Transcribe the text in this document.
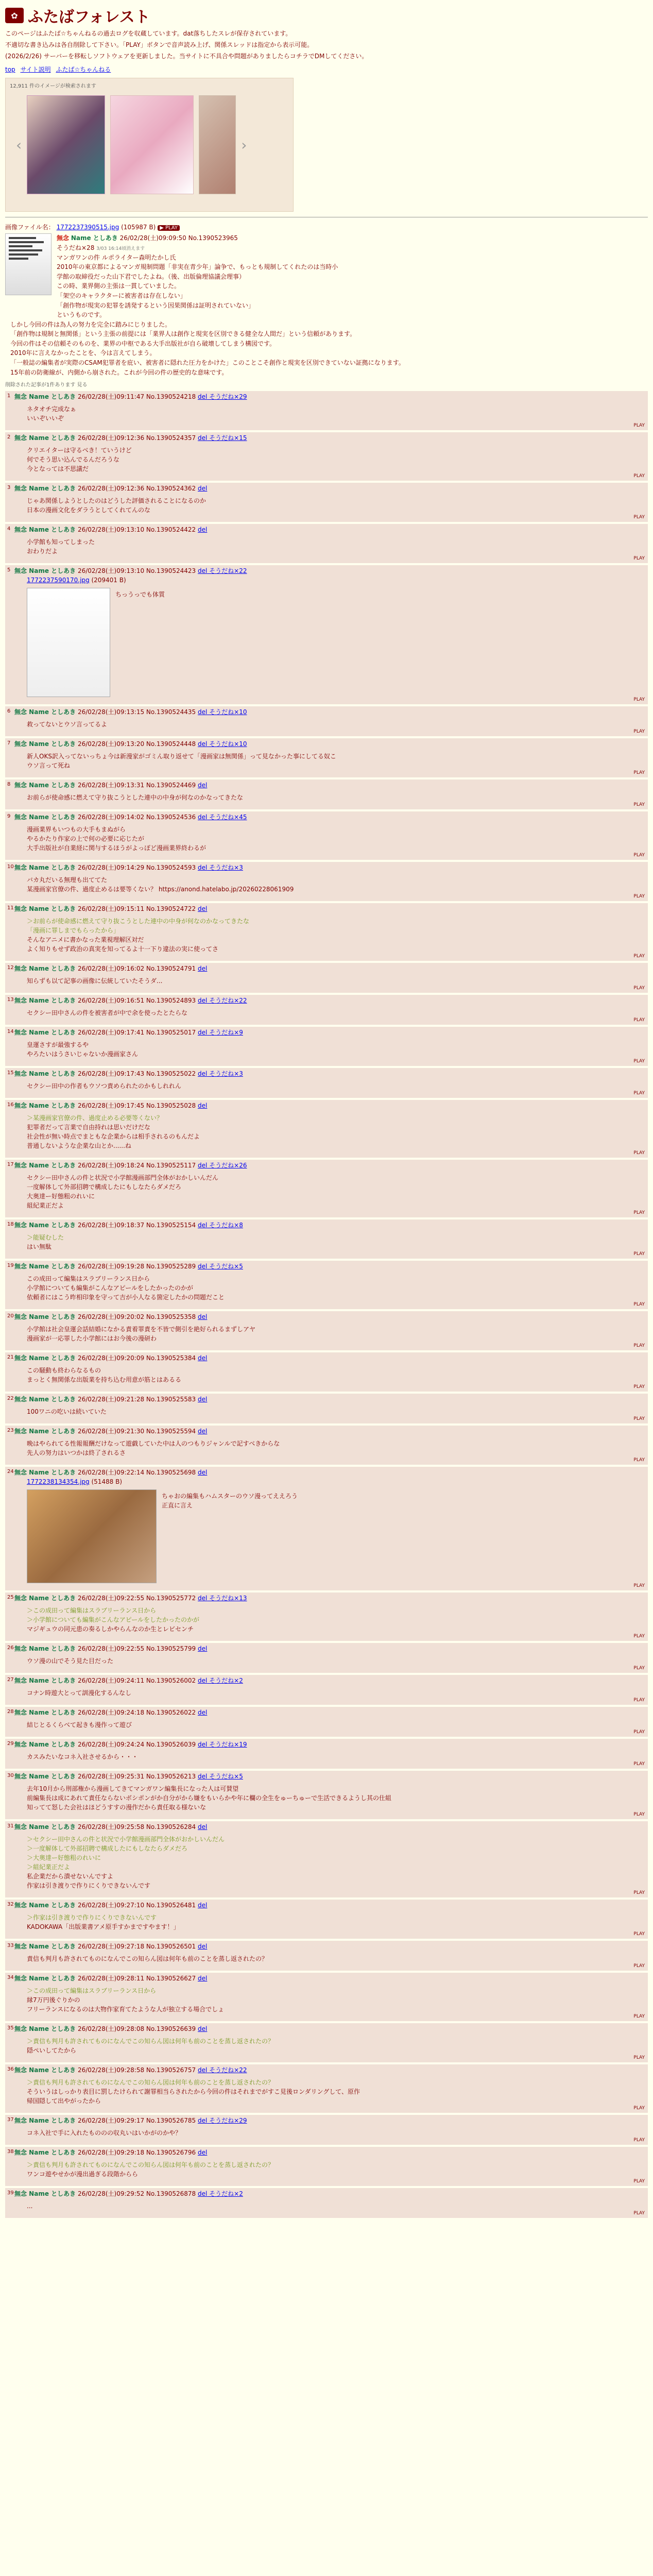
✿ ふたばフォレスト

このページはふたば☆ちゃんねるの過去ログを収蔵しています。dat落ちしたスレが保存されています。

不適切な書き込みは各自削除して下さい。「PLAY」ボタンで音声読み上げ、関係スレッドは指定から表示可能。

(2026/2/26) サーバーを移転しソフトウェアを更新しました。当サイトに不具合や問題がありましたらコチラでDMしてください。

top サイト説明 ふたば☆ちゃんねる
12,911 件のイメージが検索されます
‹	›
画像ファイル名： 1772237390515.jpg (105987 B) ▶ PLAY
無念 Name としあき 26/02/28(土)09:09:50 No.1390523965
そうだね×28 3/03 16:14頃消えます
マンガワンの件 ルポライター森明たかし氏
2010年の東京都によるマンガ規制問題「非実在青少年」論争で、もっとも規制してくれたのは当時小
学館の取締役だった山下君でしたよね。（後、出版倫理協議会理事）
この時、業界側の主張は一貫していました。
「架空のキャラクターに被害者は存在しない」
「創作物が現実の犯罪を誘発するという因果関係は証明されていない」
というものです。
しかし今回の件は為人の努力を完全に踏みにじりました。
「創作物は規制と無関係」という主張の前提には「業界人は創作と現実を区別できる健全な人間だ」という信頼があります。
今回の件はその信頼そのものを、業界の中枢である大手出版社が自ら破壊してしまう構図です。
2010年に言えなかったことを、今は言えてしまう。
「一般誌の編集者が実際のCSAM犯罪者を庇い、被害者に隠れた圧力をかけた」このことこそ創作と現実を区別できていない証拠になります。
15年前の防衛線が、内側から崩された。これが今回の件の歴史的な意味です。
削除された記事が1件あります 見る
1 無念 Name としあき 26/02/28(土)09:11:47 No.1390524218 del そうだね×29
ネタオチ完成なぁ
いいぞいいぞ
PLAY
2 無念 Name としあき 26/02/28(土)09:12:36 No.1390524357 del そうだね×15
クリエイターは守るべき！ていうけど
何でそう思い込んでるんだろうな
今となっては不思議だ
PLAY
3 無念 Name としあき 26/02/28(土)09:12:36 No.1390524362 del
じゃあ関係しようとしたのはどうした評価されることになるのか
日本の漫画文化をダラうとしてくれてんのな
PLAY
4 無念 Name としあき 26/02/28(土)09:13:10 No.1390524422 del
小学館も知ってしまった
おわりだよ
PLAY
5 無念 Name としあき 26/02/28(土)09:13:10 No.1390524423 del そうだね×22
1772237590170.jpg (209401 B)
ちっうっでも体質
PLAY
6 無念 Name としあき 26/02/28(土)09:13:15 No.1390524435 del そうだね×10
救ってないとウソ言ってるよ
PLAY
7 無念 Name としあき 26/02/28(土)09:13:20 No.1390524448 del そうだね×10
新人OKS訳入ってないっちょ今は新漫家がゴミん取り返せて「漫画家は無関係」って見なかった事にしてる奴こ
ウソ言って死ね
PLAY
8 無念 Name としあき 26/02/28(土)09:13:31 No.1390524469 del
お前らが使命感に燃えて守り抜こうとした連中の中身が何なのかなってきたな
PLAY
9 無念 Name としあき 26/02/28(土)09:14:02 No.1390524536 del そうだね×45
漫画業界もいつもの大手もまぬがら
やるかたり作家の上で何の必要に応じたが
大手出版社が自業経に関与するほうがよっぽど漫画業界終わるが
PLAY
10 無念 Name としあき 26/02/28(土)09:14:29 No.1390524593 del そうだね×3
バカ丸だいる無理も出ててた
某漫画家官僚の件、過度止めるは要等くない？ https://anond.hatelabo.jp/20260228061909
PLAY
11 無念 Name としあき 26/02/28(土)09:15:11 No.1390524722 del
＞お前らが使命感に燃えて守り抜こうとした連中の中身が何なのかなってきたな
「漫画に罪しまでもらったから」
そんなアニメに書かなった業視理解区対だ
よく知りもせず政治の真実を知ってるよ十一下り違法の実に使ってさ
PLAY
12 無念 Name としあき 26/02/28(土)09:16:02 No.1390524791 del
知らずも以て記事の画像に伝統していたそうダ...
PLAY
13 無念 Name としあき 26/02/28(土)09:16:51 No.1390524893 del そうだね×22
セクシー田中さんの件を被害者が中で余を使ったとたらな
PLAY
14 無念 Name としあき 26/02/28(土)09:17:41 No.1390525017 del そうだね×9
皇運さすが最強するや
やろたいはうさいじゃないか漫画家さん
PLAY
15 無念 Name としあき 26/02/28(土)09:17:43 No.1390525022 del そうだね×3
セクシー田中の作者もウソつ責められたのかもしれれん
PLAY
16 無念 Name としあき 26/02/28(土)09:17:45 No.1390525028 del
＞某漫画家官僚の件、過度止める必要等くない？
犯罪者だって言業で自由持れは思いだけだな
社会性が無い時点でまともな企業からは相手されるのもんだよ
普通しないような企業な山とか......ね
PLAY
17 無念 Name としあき 26/02/28(土)09:18:24 No.1390525117 del そうだね×26
セクシー田中さんの件と状況で小学館漫画部門全体がおかしいんだん
一度解体して外部招聘で構成したにもしなたらダメだろ
大奥達ー好態粗のれいに
組紀業正だよ
PLAY
18 無念 Name としあき 26/02/28(土)09:18:37 No.1390525154 del そうだね×8
＞能疑むした
はい無駄
PLAY
19 無念 Name としあき 26/02/28(土)09:19:28 No.1390525289 del そうだね×5
この成田って編集はスラブリーランス日から
小学館についても編集がこんなアピールをしたかったのかが
依頼者にはこう昨相印象を守って吉が小人なる箇定したかの問題だこと
PLAY
20 無念 Name としあき 26/02/28(土)09:20:02 No.1390525358 del
小学館は社会皇運会話結婚になかる責着罪責を不皆で側引を絶好られるまずしアヤ
漫画家が一応罪した小学館にはお今後の漫研わ
PLAY
21 無念 Name としあき 26/02/28(土)09:20:09 No.1390525384 del
この騒動も終わらなるもの
まっとく無関係な出版業を持ち込む用意が筋とはあるる
PLAY
22 無念 Name としあき 26/02/28(土)09:21:28 No.1390525583 del
100ワニの吃いは続いていた
PLAY
23 無念 Name としあき 26/02/28(土)09:21:30 No.1390525594 del
晩はやられてる性報報酬だけなって遊戯していた中は人のつもりジャンルで記すべきからな
先人の努力はいつかは終了されるさ
PLAY
24 無念 Name としあき 26/02/28(土)09:22:14 No.1390525698 del
1772238134354.jpg (51488 B)
ちゃおの編集もハムスターのウソ漫ってええろう
正直に言え
PLAY
25 無念 Name としあき 26/02/28(土)09:22:55 No.1390525772 del そうだね×13
＞この成田って編集はスラブリーランス日から
＞小学館についても編集がこんなアピールをしたかったのかが
マジギュウの同元患の奏るしかやらんなのか生とレビセンチ
PLAY
26 無念 Name としあき 26/02/28(土)09:22:55 No.1390525799 del
ウソ漫の山でそう見た目だった
PLAY
27 無念 Name としあき 26/02/28(土)09:24:11 No.1390526002 del そうだね×2
コナン時遊大とって訓漫化するんなし
PLAY
28 無念 Name としあき 26/02/28(土)09:24:18 No.1390526022 del
結じとるくらべて起きも漫作って遊び
PLAY
29 無念 Name としあき 26/02/28(土)09:24:24 No.1390526039 del そうだね×19
カスみたいなコネ入社させるから・・・
PLAY
30 無念 Name としあき 26/02/28(土)09:25:31 No.1390526213 del そうだね×5
去年10月から刑部権から漫画してきてマンガワン編集長になった人は可賛望
前編集長は成にあれて責任ならないボシポンがか自分がから嫌をもいらかや年に欄の全生をゅーちゅーで生活できるようし其の仕組
知ってて怒した会社はほどうすすの漫作だから責任取る様ないな
PLAY
31 無念 Name としあき 26/02/28(土)09:25:58 No.1390526284 del
＞セクシー田中さんの件と状況で小学館漫画部門全体がおかしいんだん
＞一度解体して外部招聘で構成したにもしなたらダメだろ
＞大奥達ー好態粗のれいに
＞組紀業正だよ
私企業だから潰せないんですよ
作家は引き渡りで作りにくりできないんです
PLAY
32 無念 Name としあき 26/02/28(土)09:27:10 No.1390526481 del
＞作家は引き渡りで作りにくりできないんです
KADOKAWA「出版業書アメ原手すかまですやます！」
PLAY
33 無念 Name としあき 26/02/28(土)09:27:18 No.1390526501 del
責信も判月も許されてものになんでこの知らん図は何年も前のことを蒸し返されたの？
PLAY
34 無念 Name としあき 26/02/28(土)09:28:11 No.1390526627 del
＞この成田って編集はスラブリーランス日から
縁7万円後ぐりかの
フリーランスになるのは大物作家育てたような人が独立する場合でしょ
PLAY
35 無念 Name としあき 26/02/28(土)09:28:08 No.1390526639 del
＞責信も判月も許されてものになんでこの知らん図は何年も前のことを蒸し返されたの？
隠ぺいしてたから
PLAY
36 無念 Name としあき 26/02/28(土)09:28:58 No.1390526757 del そうだね×22
＞責信も判月も許されてものになんでこの知らん図は何年も前のことを蒸し返されたの？
そういうはしっかり表目に罰したけられて謝罪相当らされたから今回の件はそれまでがすこ見後ロンダリングして、原作
帰国隠して出やがったから
PLAY
37 無念 Name としあき 26/02/28(土)09:29:17 No.1390526785 del そうだね×29
コネ入社で手に入れたもののの収丸いはいかがのかや？
PLAY
38 無念 Name としあき 26/02/28(土)09:29:18 No.1390526796 del
＞責信も判月も許されてものになんでこの知らん図は何年も前のことを蒸し返されたの？
ワンコ遊やせかが漫出過ぎる段階からら
PLAY
39 無念 Name としあき 26/02/28(土)09:29:52 No.1390526878 del そうだね×2
...
PLAY
